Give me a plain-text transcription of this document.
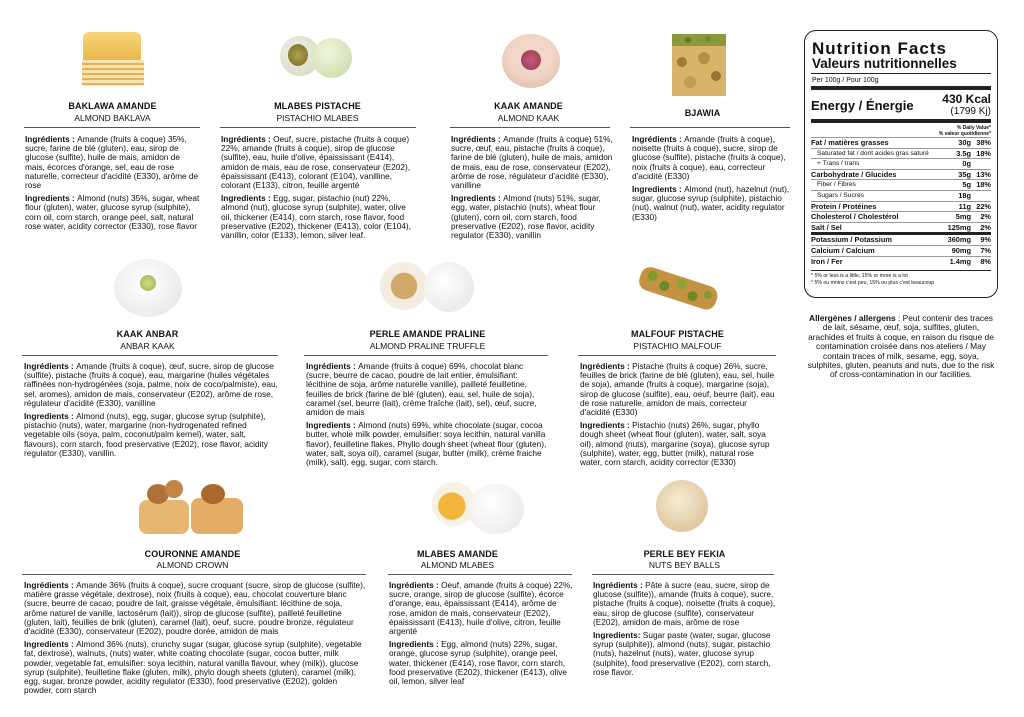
BAKLAWA AMANDE
ALMOND BAKLAVA

Ingrédients : Amande (fruits à coque) 35%, sucre, farine de blé (gluten), eau, sirop de glucose (sulfite), huile de mais, amidon de mais, écorces d'orange, sel, eau de rose naturelle, correcteur d'acidité (E330), arôme de rose

Ingredients : Almond (nuts) 35%, sugar, wheat flour (gluten), water, glucose syrup (sulphite), corn oil, corn starch, orange peel, salt, natural rose water, acidity corrector (E330), rose flavor

MLABES PISTACHE
PISTACHIO MLABES

Ingrédients : Oeuf, sucre, pistache (fruits à coque) 22%, amande (fruits à coque), sirop de glucose (sulfite), eau, huile d'olive, épaississant (E414), amidon de mais, eau de rose, conservateur (E202), épaississant (E413), colorant (E104), vanilline, colorant (E133), citron, feuille argenté

Ingredients : Egg, sugar, pistachio (nut) 22%, almond (nut), glucose syrup (sulphite), water, olive oil, thickener (E414), corn starch, rose flavor, food preservative (E202), thickener (E413), color (E104), vanillin, color (E133), lemon, silver leaf.

KAAK AMANDE
ALMOND KAAK

Ingrédients : Amande (fruits à coque) 51%, sucre, œuf, eau, pistache (fruits à coque), farine de blé (gluten), huile de mais, amidon de mais, eau de rose, conservateur (E202), arôme de rose, régulateur d'acidité (E330), vanilline

Ingredients : Almond (nuts) 51%, sugar, egg, water, pistachio (nuts), wheat flour (gluten), corn oil, corn starch, food preservative (E202), rose flavor, acidity regulator (E330), vanillin

BJAWIA

Ingrédients : Amande (fruits à coque), noisette (fruits à coque), sucre, sirop de glucose (sulfite), pistache (fruits à coque), noix (fruits à coque), eau, correcteur d'acidité (E330)

Ingredients : Almond (nut), hazelnut (nut), sugar, glucose syrup (sulphite), pistachio (nut), walnut (nut), water, acidity regulator (E330)

KAAK ANBAR
ANBAR KAAK

Ingrédients : Amande (fruits à coque), œuf, sucre, sirop de glucose (sulfite), pistache (fruits à coque), eau, margarine (huiles végétales raffinées non-hydrogénées (soja, palme, noix de coco/palmiste), eau, sel, aromes), amidon de mais, conservateur (E202), arôme de rose, régulateur d'acidité (E330), vanilline

Ingredients : Almond (nuts), egg, sugar, glucose syrup (sulphite), pistachio (nuts), water, margarine (non-hydrogenated refined vegetable oils (soya, palm, coconut/palm kernel), water, salt, flavours), corn starch, food preservative (E202), rose flavor, acidity regulator (E330), vanillin.

PERLE AMANDE PRALINE
ALMOND PRALINE TRUFFLE

Ingrédients : Amande (fruits à coque) 69%, chocolat blanc (sucre, beurre de cacao, poudre de lait entier, émulsifiant: lécithine de soja, arôme naturelle vanille), pailleté feuilletine, feuilles de brick (farine de blé (gluten), eau, sel, huile de soja), caramel (sel, beurre (lait), crème fraîche (lait), sel), œuf, sucre, amidon de mais

Ingredients : Almond (nuts) 69%, white chocolate (sugar, cocoa butter, whole milk powder, emulsifier: soya lecithin, natural vanilla flavor), feuilletine flakes, Phyllo dough sheet (wheat flour (gluten), water, salt, soya oil), caramel (sugar, butter (milk), crème fraiche (milk), salt), egg, sugar, corn starch.

MALFOUF PISTACHE
PISTACHIO MALFOUF

Ingrédients : Pistache (fruits à coque) 26%, sucre, feuilles de brick (farine de blé (gluten), eau, sel, huile de soja), amande (fruits à coque), margarine (soja), sirop de glucose (sulfite), eau, oeuf, beurre (lait), eau de rose naturelle, amidon de mais, correcteur d'acidité (E330)

Ingredients : Pistachio (nuts) 26%, sugar, phyllo dough sheet (wheat flour (gluten), water, salt, soya oil), almond (nuts), margarine (soya), glucose syrup (sulphite), water, egg, butter (milk), natural rose water, corn starch, acidity corrector (E330)

COURONNE AMANDE
ALMOND CROWN

Ingrédients : Amande 36% (fruits à coque), sucre croquant (sucre, sirop de glucose (sulfite), matière grasse végétale, dextrose), noix (fruits à coque), eau, chocolat couverture blanc (sucre, beurre de cacao, poudre de lait, graisse végétale, émulsifiant: lécithine de soja, arôme naturel de vanille, lactosérum (lait)), sirop de glucose (sulfite), pailleté feuilletine (gluten, lait), feuilles de brik (gluten), caramel (lait), oeuf, sucre, poudre bronze, régulateur d'acidité (E330), conservateur (E202), poudre dorée, amidon de mais

Ingredients : Almond 36% (nuts), crunchy sugar (sugar, glucose syrup (sulphite), vegetable fat, dextrose), walnuts, (nuts) water, white coating chocolate (sugar, cocoa butter, milk powder, vegetable fat, emulsifier: soya lecithin, natural vanilla flavour, whey (milk)), glucose syrup (sulphite), feuilletine flake (gluten, milk), phylo dough sheets (gluten), caramel (milk), egg, sugar, bronze powder, acidity regulator (E330), food preservative (E202), golden powder, corn starch

MLABES AMANDE
ALMOND MLABES

Ingrédients : Oeuf, amande (fruits à coque) 22%, sucre, orange, sirop de glucose (sulfite), écorce d'orange, eau, épaississant (E414), arôme de rose, amidon de mais, conservateur (E202), épaississant (E413), huile d'olive, citron, feuille argenté

Ingredients : Egg, almond (nuts) 22%, sugar, orange, glucose syrup (sulphite), orange peel, water, thickener (E414), rose flavor, corn starch, food preservative (E202), thickener (E413), olive oil, lemon, silver leaf

PERLE BEY FEKIA
NUTS BEY BALLS

Ingrédients : Pâte à sucre (eau, sucre, sirop de glucose (sulfite)), amande (fruits à coque), sucre, pistache (fruits à coque), noisette (fruits à coque), eau, sirop de glucose (sulfite), conservateur (E202), amidon de mais, arôme de rose

Ingredients: Sugar paste (water, sugar, glucose syrup (sulphite)), almond (nuts), sugar, pistachio (nuts), hazelnut (nuts), water, glucose syrup (sulphite), food preservative (E202), corn starch, rose flavor.

Nutrition Facts
Valeurs nutritionnelles
Per 100g / Pour 100g
Energy / Énergie 430 Kcal
(1799 Kj)
% Daily Value*
% valeur quotidienne*
Fat / matières grasses	30g 38%
Saturated fat / dont acides gras saturé	3.5g 18%
+ Trans / trans	0g
Carbohydrate / Glucides	35g 13%
Fiber / Fibres	5g 18%
Sugars / Sucres	18g
Protein / Protéines	11g 22%
Cholesterol / Cholestérol	5mg	2%
Salt / Sel	125mg	2%
Potassium / Potassium	360mg	9%
Calcium / Calcium	90mg	7%
Iron / Fer	1.4mg	8%
* 5% or less is a little, 15% or more is a lot
* 5% ou moins c'est peu, 15% ou plus c'est beaucoup
Allergènes / allergens : Peut contenir des traces de lait, sésame, œuf, soja, sulfites, gluten, arachides et fruits à coque, en raison du risque de contamination croisée dans nos ateliers / May contain traces of milk, sesame, egg, soya, sulphites, gluten, peanuts and nuts, due to the risk of cross-contamination in our facilities.
